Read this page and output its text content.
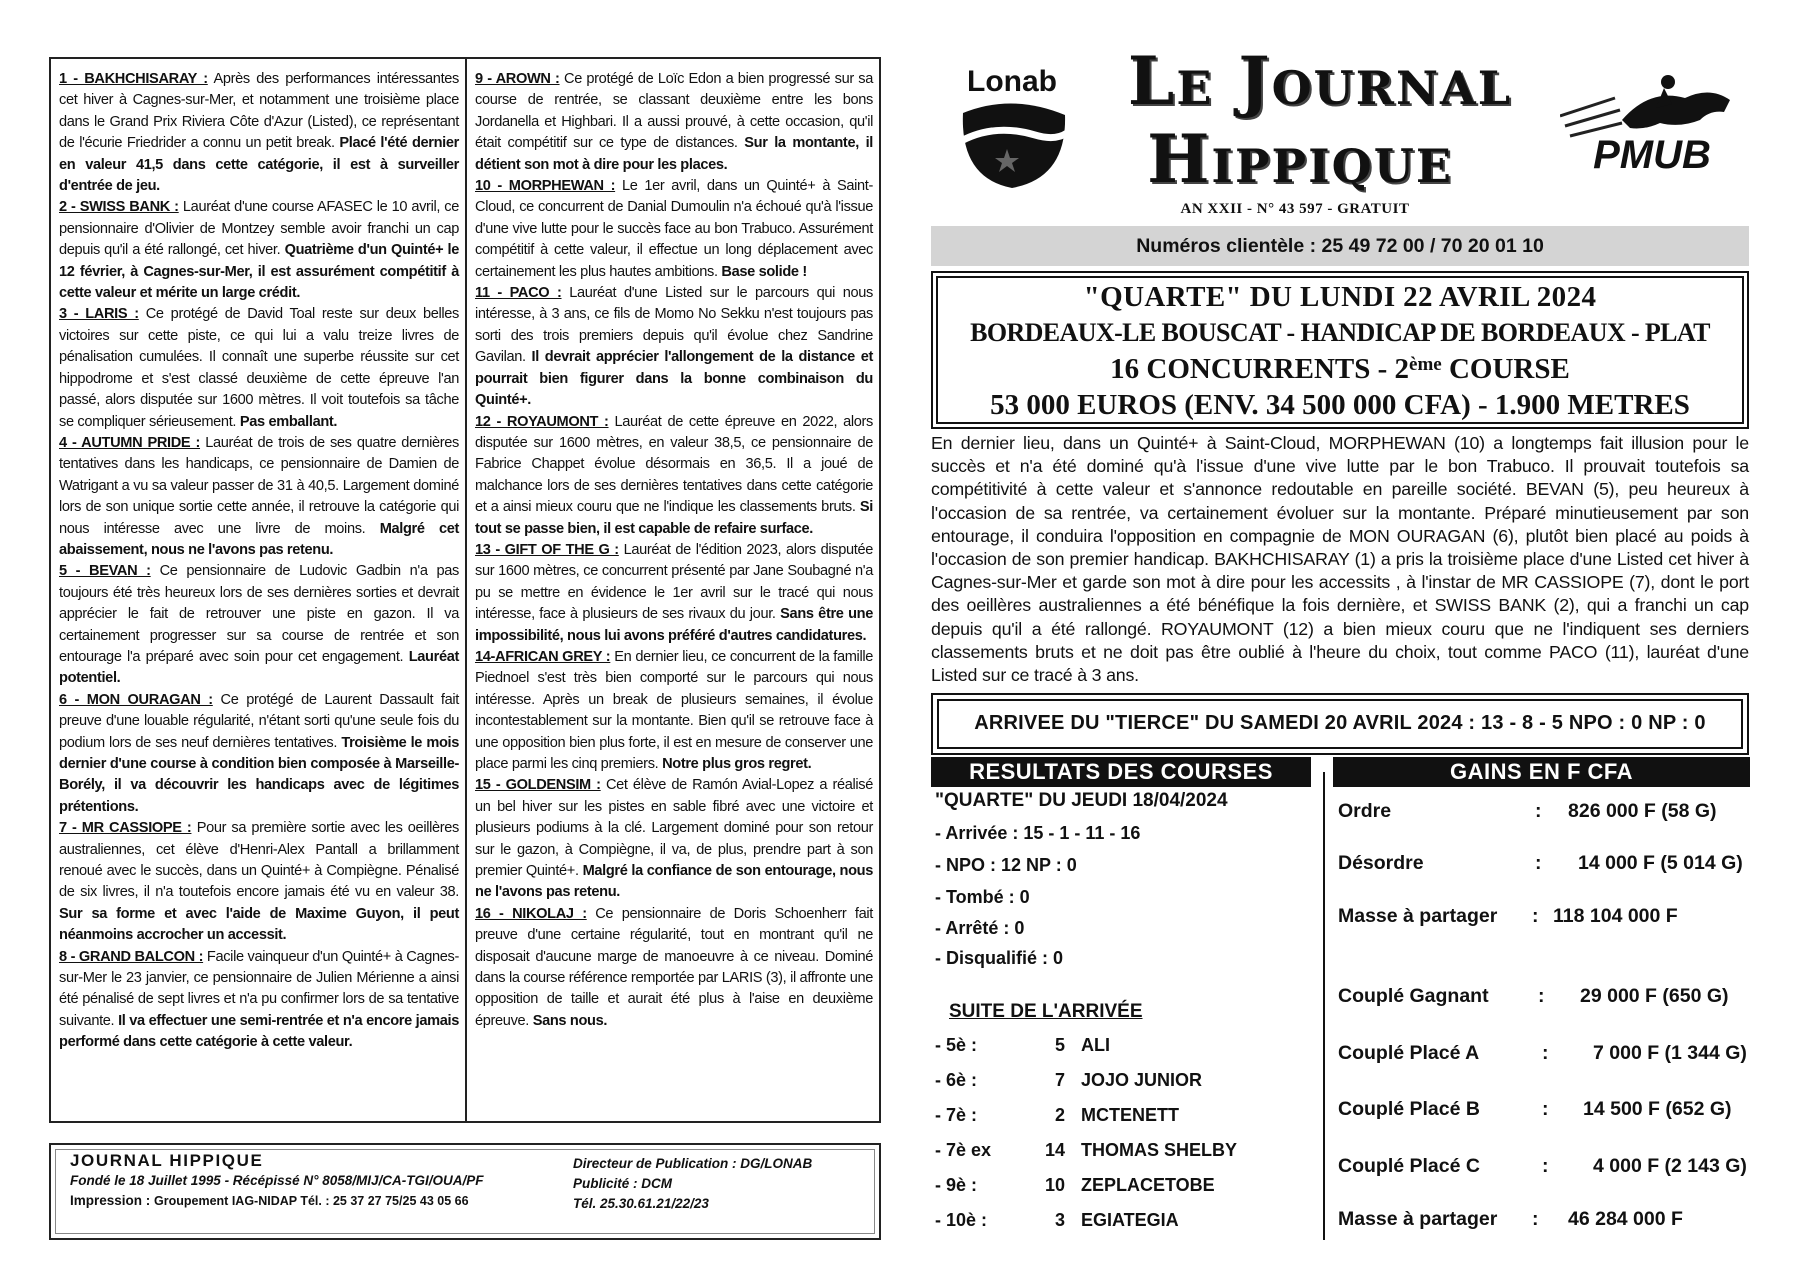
1 - BAKHCHISARAY : Après des performances intéressantes cet hiver à Cagnes-sur-Mer, et notamment une troisième place dans le Grand Prix Riviera Côte d'Azur (Listed), ce représentant de l'écurie Friedrider a connu un petit break. Placé l'été dernier en valeur 41,5 dans cette catégorie, il est à surveiller d'entrée de jeu.

2 - SWISS BANK : Lauréat d'une course AFASEC le 10 avril, ce pensionnaire d'Olivier de Montzey semble avoir franchi un cap depuis qu'il a été rallongé, cet hiver. Quatrième d'un Quinté+ le 12 février, à Cagnes-sur-Mer, il est assurément compétitif à cette valeur et mérite un large crédit.

3 - LARIS : Ce protégé de David Toal reste sur deux belles victoires sur cette piste, ce qui lui a valu treize livres de pénalisation cumulées. Il connaît une superbe réussite sur cet hippodrome et s'est classé deuxième de cette épreuve l'an passé, alors disputée sur 1600 mètres. Il voit toutefois sa tâche se compliquer sérieusement. Pas emballant.

4 - AUTUMN PRIDE : Lauréat de trois de ses quatre dernières tentatives dans les handicaps, ce pensionnaire de Damien de Watrigant a vu sa valeur passer de 31 à 40,5. Largement dominé lors de son unique sortie cette année, il retrouve la catégorie qui nous intéresse avec une livre de moins. Malgré cet abaissement, nous ne l'avons pas retenu.

5 - BEVAN : Ce pensionnaire de Ludovic Gadbin n'a pas toujours été très heureux lors de ses dernières sorties et devrait apprécier le fait de retrouver une piste en gazon. Il va certainement progresser sur sa course de rentrée et son entourage l'a préparé avec soin pour cet engagement. Lauréat potentiel.

6 - MON OURAGAN : Ce protégé de Laurent Dassault fait preuve d'une louable régularité, n'étant sorti qu'une seule fois du podium lors de ses neuf dernières tentatives. Troisième le mois dernier d'une course à condition bien composée à Marseille-Borély, il va découvrir les handicaps avec de légitimes prétentions.

7 - MR CASSIOPE : Pour sa première sortie avec les oeillères australiennes, cet élève d'Henri-Alex Pantall a brillamment renoué avec le succès, dans un Quinté+ à Compiègne. Pénalisé de six livres, il n'a toutefois encore jamais été vu en valeur 38. Sur sa forme et avec l'aide de Maxime Guyon, il peut néanmoins accrocher un accessit.

8 - GRAND BALCON : Facile vainqueur d'un Quinté+ à Cagnes-sur-Mer le 23 janvier, ce pensionnaire de Julien Mérienne a ainsi été pénalisé de sept livres et n'a pu confirmer lors de sa tentative suivante. Il va effectuer une semi-rentrée et n'a encore jamais performé dans cette catégorie à cette valeur.

9 - AROWN : Ce protégé de Loïc Edon a bien progressé sur sa course de rentrée, se classant deuxième entre les bons Jordanella et Highbari. Il a aussi prouvé, à cette occasion, qu'il était compétitif sur ce type de distances. Sur la montante, il détient son mot à dire pour les places.

10 - MORPHEWAN : Le 1er avril, dans un Quinté+ à Saint-Cloud, ce concurrent de Danial Dumoulin n'a échoué qu'à l'issue d'une vive lutte pour le succès face au bon Trabuco. Assurément compétitif à cette valeur, il effectue un long déplacement avec certainement les plus hautes ambitions. Base solide !

11 - PACO : Lauréat d'une Listed sur le parcours qui nous intéresse, à 3 ans, ce fils de Momo No Sekku n'est toujours pas sorti des trois premiers depuis qu'il évolue chez Sandrine Gavilan. Il devrait apprécier l'allongement de la distance et pourrait bien figurer dans la bonne combinaison du Quinté+.

12 - ROYAUMONT : Lauréat de cette épreuve en 2022, alors disputée sur 1600 mètres, en valeur 38,5, ce pensionnaire de Fabrice Chappet évolue désormais en 36,5. Il a joué de malchance lors de ses dernières tentatives dans cette catégorie et a ainsi mieux couru que ne l'indique les classements bruts. Si tout se passe bien, il est capable de refaire surface.

13 - GIFT OF THE G : Lauréat de l'édition 2023, alors disputée sur 1600 mètres, ce concurrent présenté par Jane Soubagné n'a pu se mettre en évidence le 1er avril sur le tracé qui nous intéresse, face à plusieurs de ses rivaux du jour. Sans être une impossibilité, nous lui avons préféré d'autres candidatures.

14-AFRICAN GREY : En dernier lieu, ce concurrent de la famille Piednoel s'est très bien comporté sur le parcours qui nous intéresse. Après un break de plusieurs semaines, il évolue incontestablement sur la montante. Bien qu'il se retrouve face à une opposition bien plus forte, il est en mesure de conserver une place parmi les cinq premiers. Notre plus gros regret.

15 - GOLDENSIM : Cet élève de Ramón Avial-Lopez a réalisé un bel hiver sur les pistes en sable fibré avec une victoire et plusieurs podiums à la clé. Largement dominé pour son retour sur le gazon, à Compiègne, il va, de plus, prendre part à son premier Quinté+. Malgré la confiance de son entourage, nous ne l'avons pas retenu.

16 - NIKOLAJ : Ce pensionnaire de Doris Schoenherr fait preuve d'une certaine régularité, tout en montrant qu'il ne disposait d'aucune marge de manoeuvre à ce niveau. Dominé dans la course référence remportée par LARIS (3), il affronte une opposition de taille et aurait été plus à l'aise en deuxième épreuve. Sans nous.

JOURNAL HIPPIQUE
Fondé le 18 Juillet 1995 - Récépissé N° 8058/MIJ/CA-TGI/OUA/PF
Impression : Groupement IAG-NIDAP Tél. : 25 37 27 75/25 43 05 66
Directeur de Publication : DG/LONAB
Publicité : DCM
Tél. 25.30.61.21/22/23
Lonab	Le Journal
Hippique	PMUB
AN XXII - N° 43 597 - GRATUIT
Numéros clientèle : 25 49 72 00 / 70 20 01 10
"QUARTE" DU LUNDI 22 AVRIL 2024
BORDEAUX-LE BOUSCAT - HANDICAP DE BORDEAUX - PLAT
16 CONCURRENTS - 2ème COURSE
53 000 EUROS (ENV. 34 500 000 CFA) - 1.900 METRES
En dernier lieu, dans un Quinté+ à Saint-Cloud, MORPHEWAN (10) a longtemps fait illusion pour le succès et n'a été dominé qu'à l'issue d'une vive lutte par le bon Trabuco. Il prouvait toutefois sa compétitivité à cette valeur et s'annonce redoutable en pareille société. BEVAN (5), peu heureux à l'occasion de sa rentrée, va certainement évoluer sur la montante. Préparé minutieusement par son entourage, il conduira l'opposition en compagnie de MON OURAGAN (6), plutôt bien placé au poids à l'occasion de son premier handicap. BAKHCHISARAY (1) a pris la troisième place d'une Listed cet hiver à Cagnes-sur-Mer et garde son mot à dire pour les accessits , à l'instar de MR CASSIOPE (7), dont le port des oeillères australiennes a été bénéfique la fois dernière, et SWISS BANK (2), qui a franchi un cap depuis qu'il a été rallongé. ROYAUMONT (12) a bien mieux couru que ne l'indiquent ses derniers classements bruts et ne doit pas être oublié à l'heure du choix, tout comme PACO (11), lauréat d'une Listed sur ce tracé à 3 ans.
ARRIVEE DU "TIERCE" DU SAMEDI 20 AVRIL 2024 : 13 - 8 - 5 NPO : 0 NP : 0
RESULTATS DES COURSES	GAINS EN F CFA
"QUARTE" DU JEUDI 18/04/2024
- Arrivée : 15 - 1 - 11 - 16
- NPO : 12 NP : 0
- Tombé : 0
- Arrêté : 0
- Disqualifié : 0
SUITE DE L'ARRIVÉE
- 5è :	5 ALI
- 6è :	7 JOJO JUNIOR
- 7è :	2 MCTENETT
- 7è ex	14 THOMAS SHELBY
- 9è :	10 ZEPLACETOBE
- 10è :	3 EGIATEGIA
Ordre	: 826 000 F (58 G)
Désordre	: 14 000 F (5 014 G)
Masse à partager : 118 104 000 F
Couplé Gagnant	: 29 000 F (650 G)
Couplé Placé A	: 7 000 F (1 344 G)
Couplé Placé B	: 14 500 F (652 G)
Couplé Placé C	: 4 000 F (2 143 G)
Masse à partager : 46 284 000 F
